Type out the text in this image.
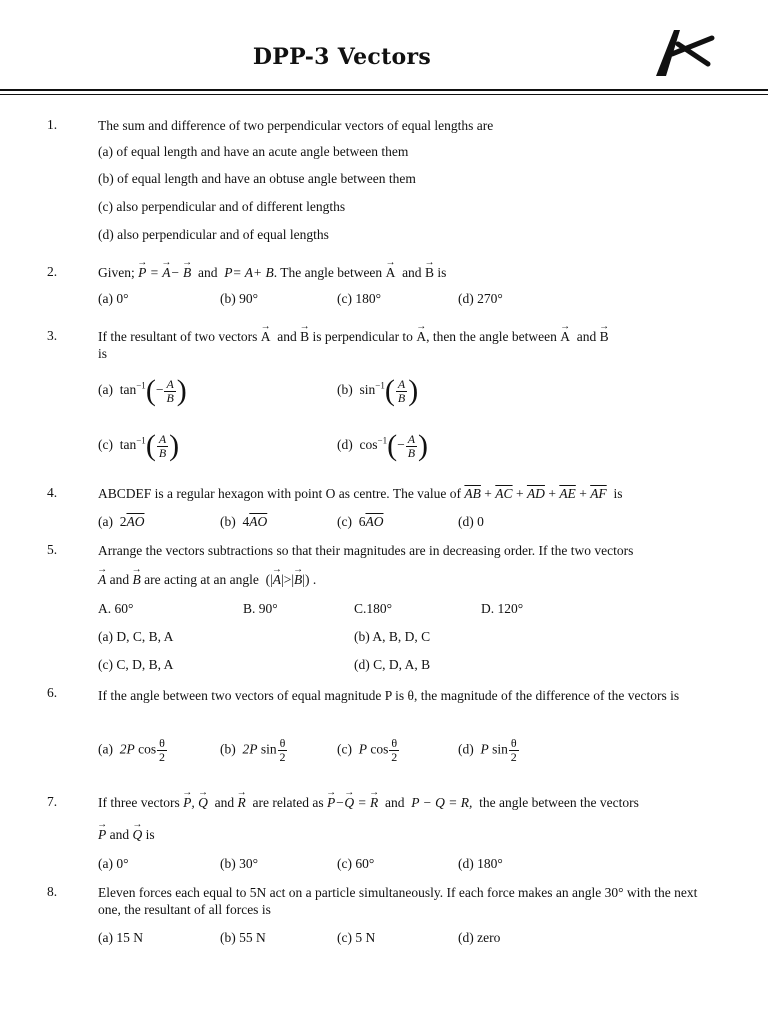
DPP-3 Vectors
1.	The sum and difference of two perpendicular vectors of equal lengths are
(a) of equal length and have an acute angle between them
(b) of equal length and have an obtuse angle between them
(c) also perpendicular and of different lengths
(d) also perpendicular and of equal lengths
2.	Given; → P = → A− → B and P= A+ B. The angle between → A and → B is
(a) 0°	(b) 90°	(c) 180°	(d) 270°
3.	If the resultant of two vectors → A and → B is perpendicular to → A, then the angle between → A and → B
is
(a)  $\tan^{-1}(- \frac{A}{B}$ )	(b)  $\sin^{-1}( \frac{A}{B}$ )
(c)  $\tan^{-1}( \frac{A}{B}$ )	(d)  $\cos^{-1}(- \frac{A}{B}$ )
4.	ABCDEF is a regular hexagon with point O as centre. The value of $\overline{AB} + \overline{AC} + \overline{AD} + \overline{AE} + \overline{AF}$ is
(a) $2\overline{AO}$	(b) $4\overline{AO}$	(c) $6\overline{AO}$	(d) 0
5.	Arrange the vectors subtractions so that their magnitudes are in decreasing order. If the two vectors
→ A and → B are acting at an angle  (|→ A|>|→ B|) .
A. 60°	B. 90°	C.180°	D. 120°
(a) D, C, B, A	(b) A, B, D, C
(c) C, D, B, A	(d) C, D, A, B
6.	If the angle between two vectors of equal magnitude P is θ, the magnitude of the difference of the vectors is
(a) 2P $\cos \frac{\theta}{2}$	(b) 2P $\sin \frac{\theta}{2}$	(c) P $\cos \frac{\theta}{2}$	(d) P $\sin \frac{\theta}{2}$
7.	If three vectors → P, → Q and → R are related as → P−→ Q = → R and P − Q = R, the angle between the vectors
→ P and → Q is
(a) 0°	(b) 30°	(c) 60°	(d) 180°
8.	Eleven forces each equal to 5N act on a particle simultaneously. If each force makes an angle 30° with the next one, the resultant of all forces is
(a) 15 N	(b) 55 N	(c) 5 N	(d) zero
